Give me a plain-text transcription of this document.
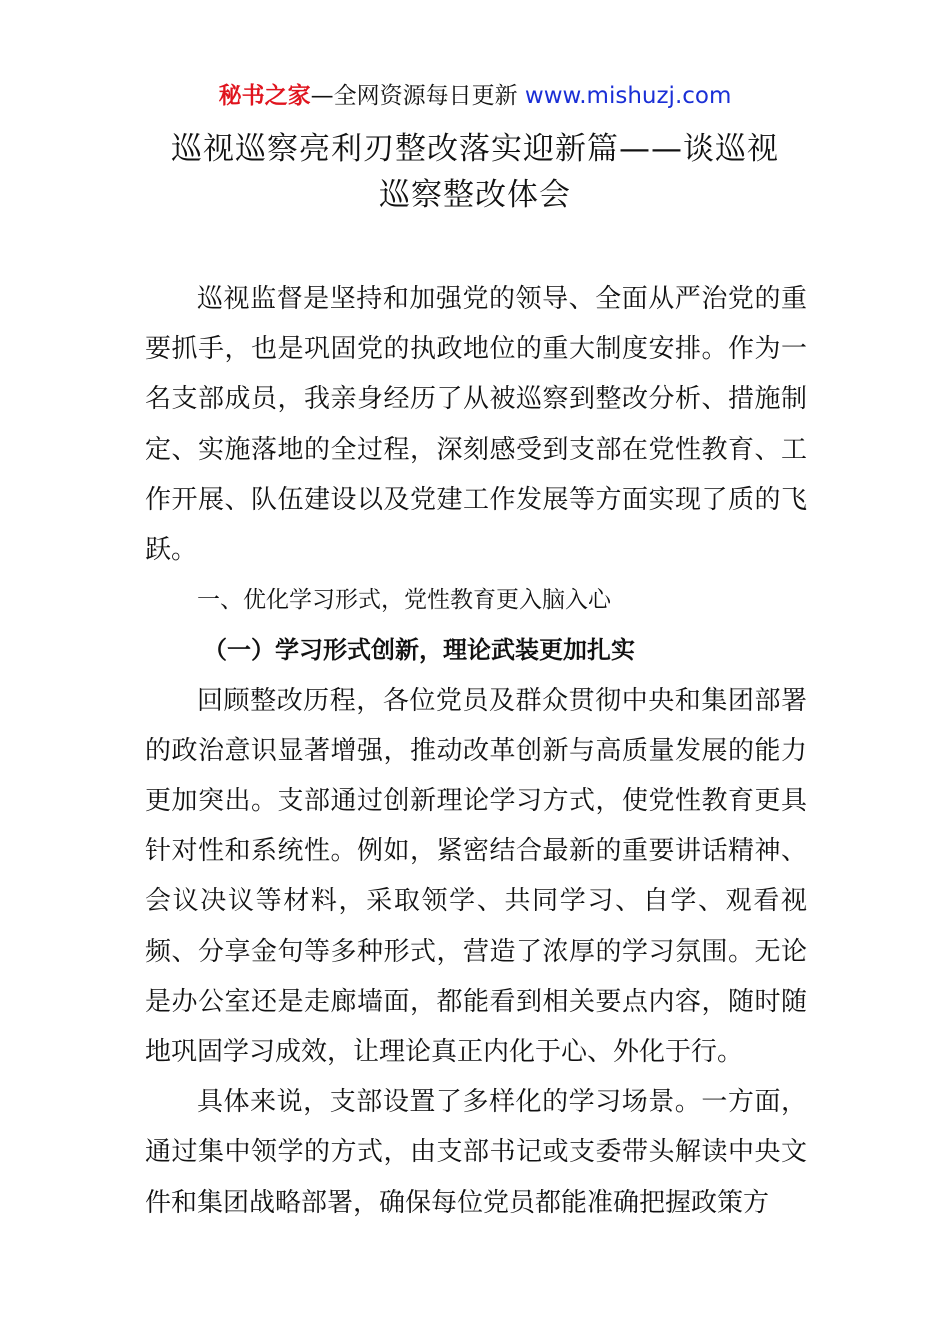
秘书之家—全网资源每日更新 www.mishuzj.com
巡视巡察亮利刃整改落实迎新篇——谈巡视
巡察整改体会

巡视监督是坚持和加强党的领导、全面从严治党的重要抓手，也是巩固党的执政地位的重大制度安排。作为一名支部成员，我亲身经历了从被巡察到整改分析、措施制定、实施落地的全过程，深刻感受到支部在党性教育、工作开展、队伍建设以及党建工作发展等方面实现了质的飞跃。

一、优化学习形式，党性教育更入脑入心

（一）学习形式创新，理论武装更加扎实

回顾整改历程，各位党员及群众贯彻中央和集团部署的政治意识显著增强，推动改革创新与高质量发展的能力更加突出。支部通过创新理论学习方式，使党性教育更具针对性和系统性。例如，紧密结合最新的重要讲话精神、会议决议等材料，采取领学、共同学习、自学、观看视频、分享金句等多种形式，营造了浓厚的学习氛围。无论是办公室还是走廊墙面，都能看到相关要点内容，随时随地巩固学习成效，让理论真正内化于心、外化于行。

具体来说，支部设置了多样化的学习场景。一方面，通过集中领学的方式，由支部书记或支委带头解读中央文件和集团战略部署，确保每位党员都能准确把握政策方
